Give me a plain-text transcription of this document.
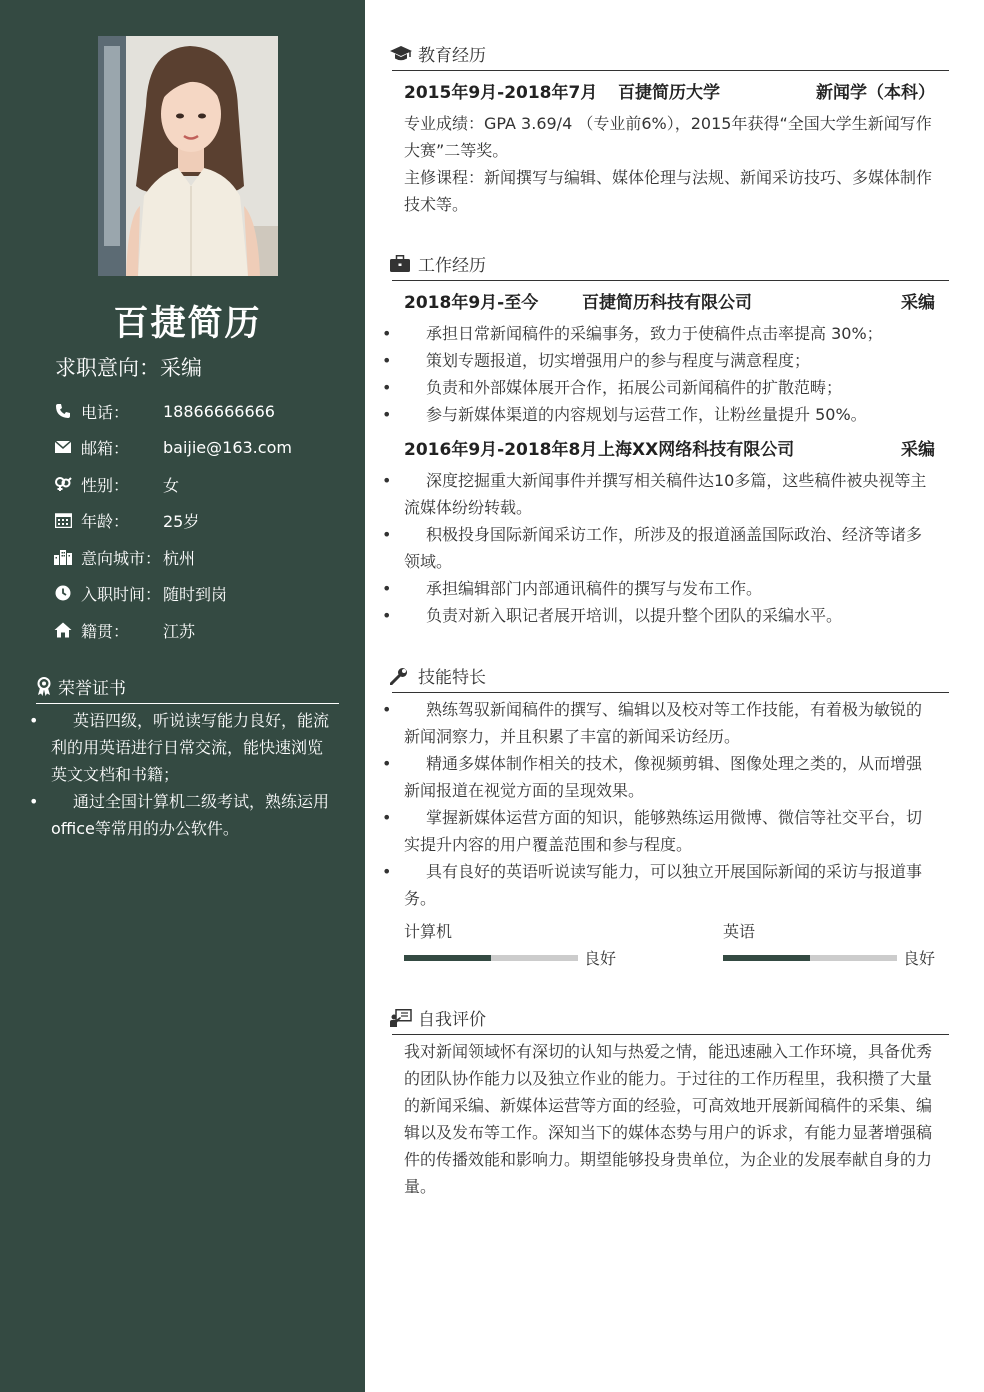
百捷简历
求职意向：采编
电话：	18866666666
邮箱：	baijie@163.com
性别：	女
年龄：	25岁
意向城市： 杭州
入职时间： 随时到岗
籍贯：	江苏
荣誉证书
• 英语四级，听说读写能力良好，能流利的用英语进行日常交流，能快速浏览英文文档和书籍；
• 通过全国计算机二级考试，熟练运用office等常用的办公软件。
教育经历
2015年9月-2018年7月 百捷简历大学	新闻学（本科）
专业成绩：GPA 3.69/4 （专业前6%），2015年获得“全国大学生新闻写作大赛”二等奖。
主修课程：新闻撰写与编辑、媒体伦理与法规、新闻采访技巧、多媒体制作技术等。
工作经历
2018年9月-至今	百捷简历科技有限公司	采编
• 承担日常新闻稿件的采编事务，致力于使稿件点击率提高 30%；
• 策划专题报道，切实增强用户的参与程度与满意程度；
• 负责和外部媒体展开合作，拓展公司新闻稿件的扩散范畴；
• 参与新媒体渠道的内容规划与运营工作，让粉丝量提升 50%。
2016年9月-2018年8月 上海XX网络科技有限公司	采编
• 深度挖掘重大新闻事件并撰写相关稿件达10多篇，这些稿件被央视等主流媒体纷纷转载。
• 积极投身国际新闻采访工作，所涉及的报道涵盖国际政治、经济等诸多领域。
• 承担编辑部门内部通讯稿件的撰写与发布工作。
• 负责对新入职记者展开培训，以提升整个团队的采编水平。
技能特长
• 熟练驾驭新闻稿件的撰写、编辑以及校对等工作技能，有着极为敏锐的新闻洞察力，并且积累了丰富的新闻采访经历。
• 精通多媒体制作相关的技术，像视频剪辑、图像处理之类的，从而增强新闻报道在视觉方面的呈现效果。
• 掌握新媒体运营方面的知识，能够熟练运用微博、微信等社交平台，切实提升内容的用户覆盖范围和参与程度。
• 具有良好的英语听说读写能力，可以独立开展国际新闻的采访与报道事务。
计算机
良好
英语
良好
自我评价
我对新闻领域怀有深切的认知与热爱之情，能迅速融入工作环境，具备优秀的团队协作能力以及独立作业的能力。于过往的工作历程里，我积攒了大量的新闻采编、新媒体运营等方面的经验，可高效地开展新闻稿件的采集、编辑以及发布等工作。深知当下的媒体态势与用户的诉求，有能力显著增强稿件的传播效能和影响力。期望能够投身贵单位，为企业的发展奉献自身的力量。
